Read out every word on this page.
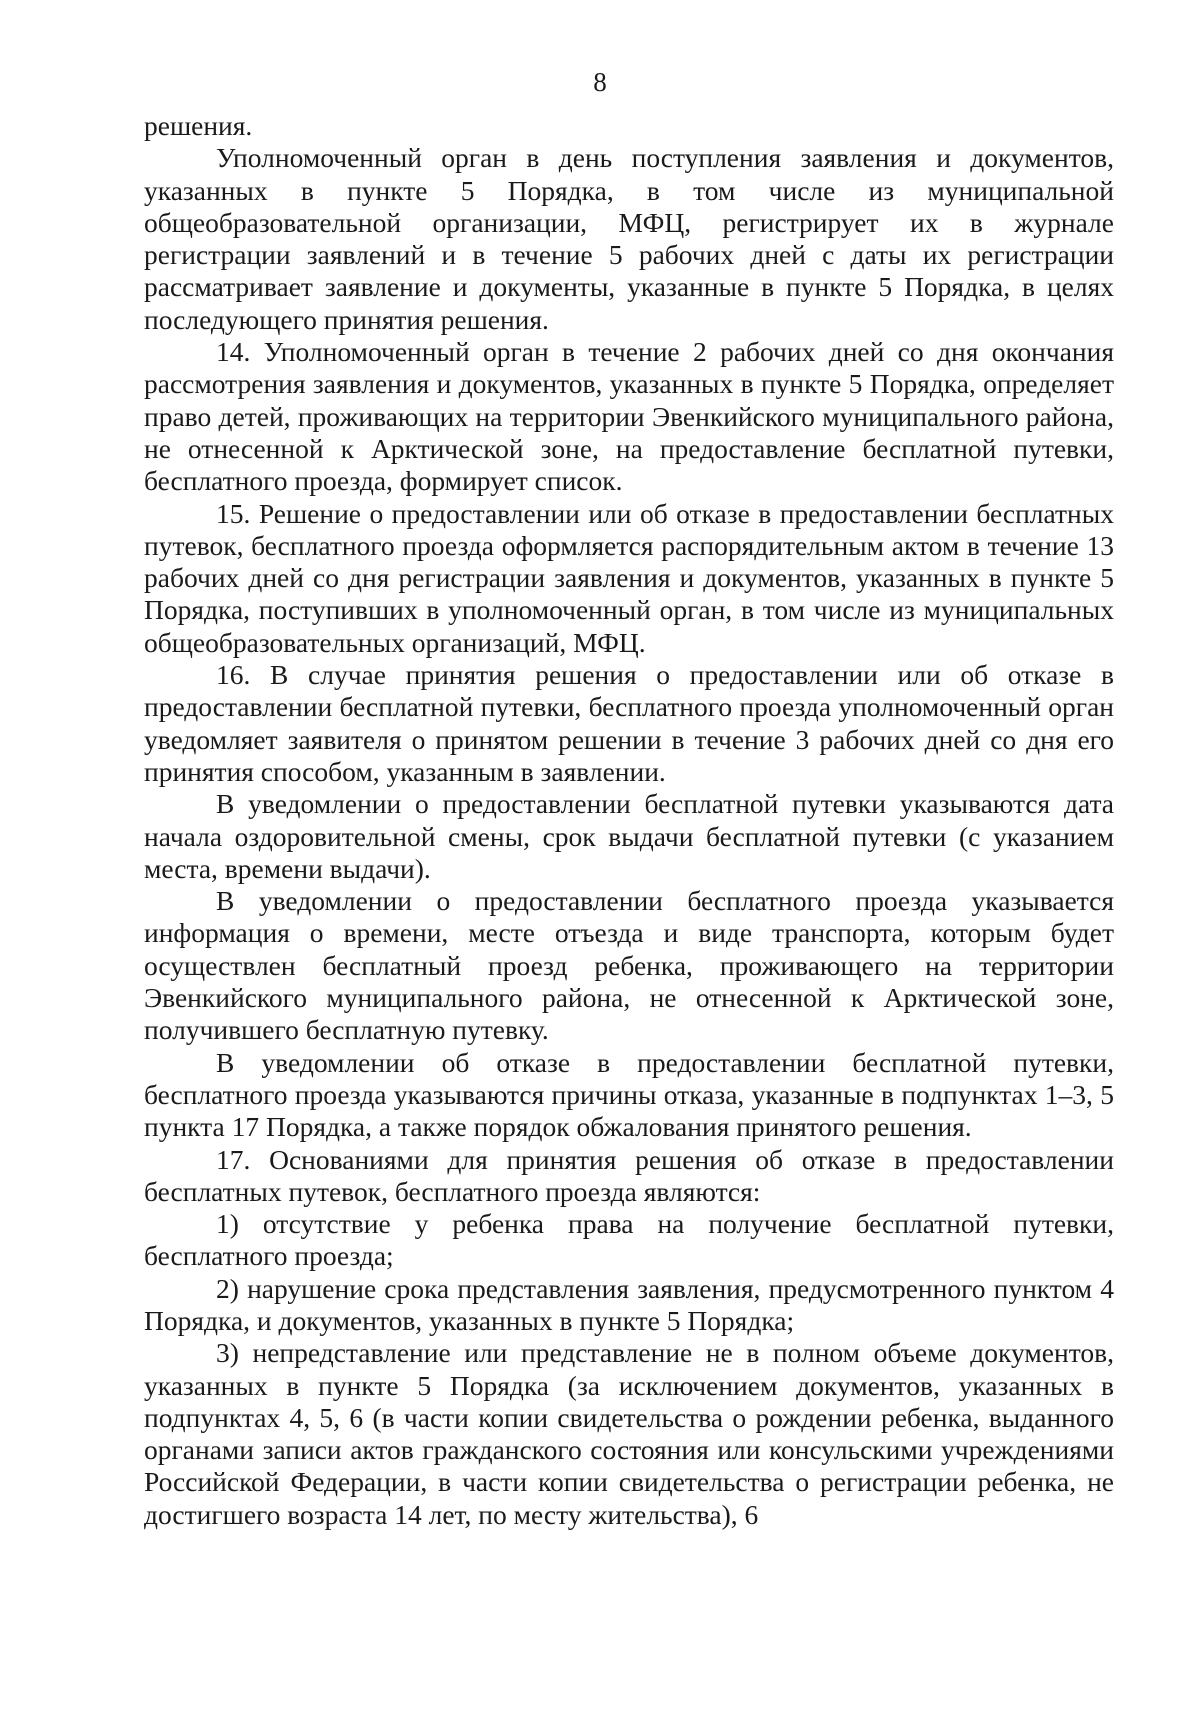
8

решения.

Уполномоченный орган в день поступления заявления и документов, указанных в пункте 5 Порядка, в том числе из муниципальной общеобразовательной организации, МФЦ, регистрирует их в журнале регистрации заявлений и в течение 5 рабочих дней с даты их регистрации рассматривает заявление и документы, указанные в пункте 5 Порядка, в целях последующего принятия решения.

14. Уполномоченный орган в течение 2 рабочих дней со дня окончания рассмотрения заявления и документов, указанных в пункте 5 Порядка, определяет право детей, проживающих на территории Эвенкийского муниципального района, не отнесенной к Арктической зоне, на предоставление бесплатной путевки, бесплатного проезда, формирует список.

15. Решение о предоставлении или об отказе в предоставлении бесплатных путевок, бесплатного проезда оформляется распорядительным актом в течение 13 рабочих дней со дня регистрации заявления и документов, указанных в пункте 5 Порядка, поступивших в уполномоченный орган, в том числе из муниципальных общеобразовательных организаций, МФЦ.

16. В случае принятия решения о предоставлении или об отказе в предоставлении бесплатной путевки, бесплатного проезда уполномоченный орган уведомляет заявителя о принятом решении в течение 3 рабочих дней со дня его принятия способом, указанным в заявлении.

В уведомлении о предоставлении бесплатной путевки указываются дата начала оздоровительной смены, срок выдачи бесплатной путевки (с указанием места, времени выдачи).

В уведомлении о предоставлении бесплатного проезда указывается информация о времени, месте отъезда и виде транспорта, которым будет осуществлен бесплатный проезд ребенка, проживающего на территории Эвенкийского муниципального района, не отнесенной к Арктической зоне, получившего бесплатную путевку.

В уведомлении об отказе в предоставлении бесплатной путевки, бесплатного проезда указываются причины отказа, указанные в подпунктах 1–3, 5 пункта 17 Порядка, а также порядок обжалования принятого решения.

17. Основаниями для принятия решения об отказе в предоставлении бесплатных путевок, бесплатного проезда являются:

1) отсутствие у ребенка права на получение бесплатной путевки, бесплатного проезда;

2) нарушение срока представления заявления, предусмотренного пунктом 4 Порядка, и документов, указанных в пункте 5 Порядка;

3) непредставление или представление не в полном объеме документов, указанных в пункте 5 Порядка (за исключением документов, указанных в подпунктах 4, 5, 6 (в части копии свидетельства о рождении ребенка, выданного органами записи актов гражданского состояния или консульскими учреждениями Российской Федерации, в части копии свидетельства о регистрации ребенка, не достигшего возраста 14 лет, по месту жительства), 6
